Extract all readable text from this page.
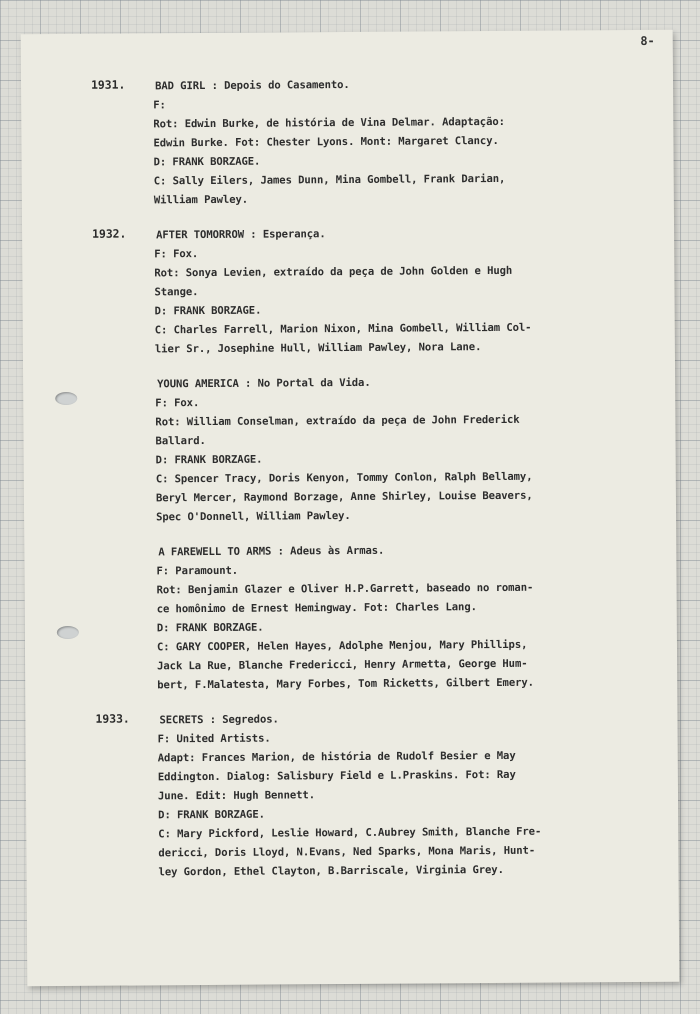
8-
1931.	BAD GIRL : Depois do Casamento.
F:
Rot: Edwin Burke, de história de Vina Delmar. Adaptação:
Edwin Burke. Fot: Chester Lyons. Mont: Margaret Clancy.
D: FRANK BORZAGE.
C: Sally Eilers, James Dunn, Mina Gombell, Frank Darian,
William Pawley.
1932.	AFTER TOMORROW : Esperança.
F: Fox.
Rot: Sonya Levien, extraído da peça de John Golden e Hugh
Stange.
D: FRANK BORZAGE.
C: Charles Farrell, Marion Nixon, Mina Gombell, William Col-
lier Sr., Josephine Hull, William Pawley, Nora Lane.
YOUNG AMERICA : No Portal da Vida.
F: Fox.
Rot: William Conselman, extraído da peça de John Frederick
Ballard.
D: FRANK BORZAGE.
C: Spencer Tracy, Doris Kenyon, Tommy Conlon, Ralph Bellamy,
Beryl Mercer, Raymond Borzage, Anne Shirley, Louise Beavers,
Spec O'Donnell, William Pawley.
A FAREWELL TO ARMS : Adeus às Armas.
F: Paramount.
Rot: Benjamin Glazer e Oliver H.P.Garrett, baseado no roman-
ce homônimo de Ernest Hemingway. Fot: Charles Lang.
D: FRANK BORZAGE.
C: GARY COOPER, Helen Hayes, Adolphe Menjou, Mary Phillips,
Jack La Rue, Blanche Fredericci, Henry Armetta, George Hum-
bert, F.Malatesta, Mary Forbes, Tom Ricketts, Gilbert Emery.
1933.	SECRETS : Segredos.
F: United Artists.
Adapt: Frances Marion, de história de Rudolf Besier e May
Eddington. Dialog: Salisbury Field e L.Praskins. Fot: Ray
June. Edit: Hugh Bennett.
D: FRANK BORZAGE.
C: Mary Pickford, Leslie Howard, C.Aubrey Smith, Blanche Fre-
dericci, Doris Lloyd, N.Evans, Ned Sparks, Mona Maris, Hunt-
ley Gordon, Ethel Clayton, B.Barriscale, Virginia Grey.
